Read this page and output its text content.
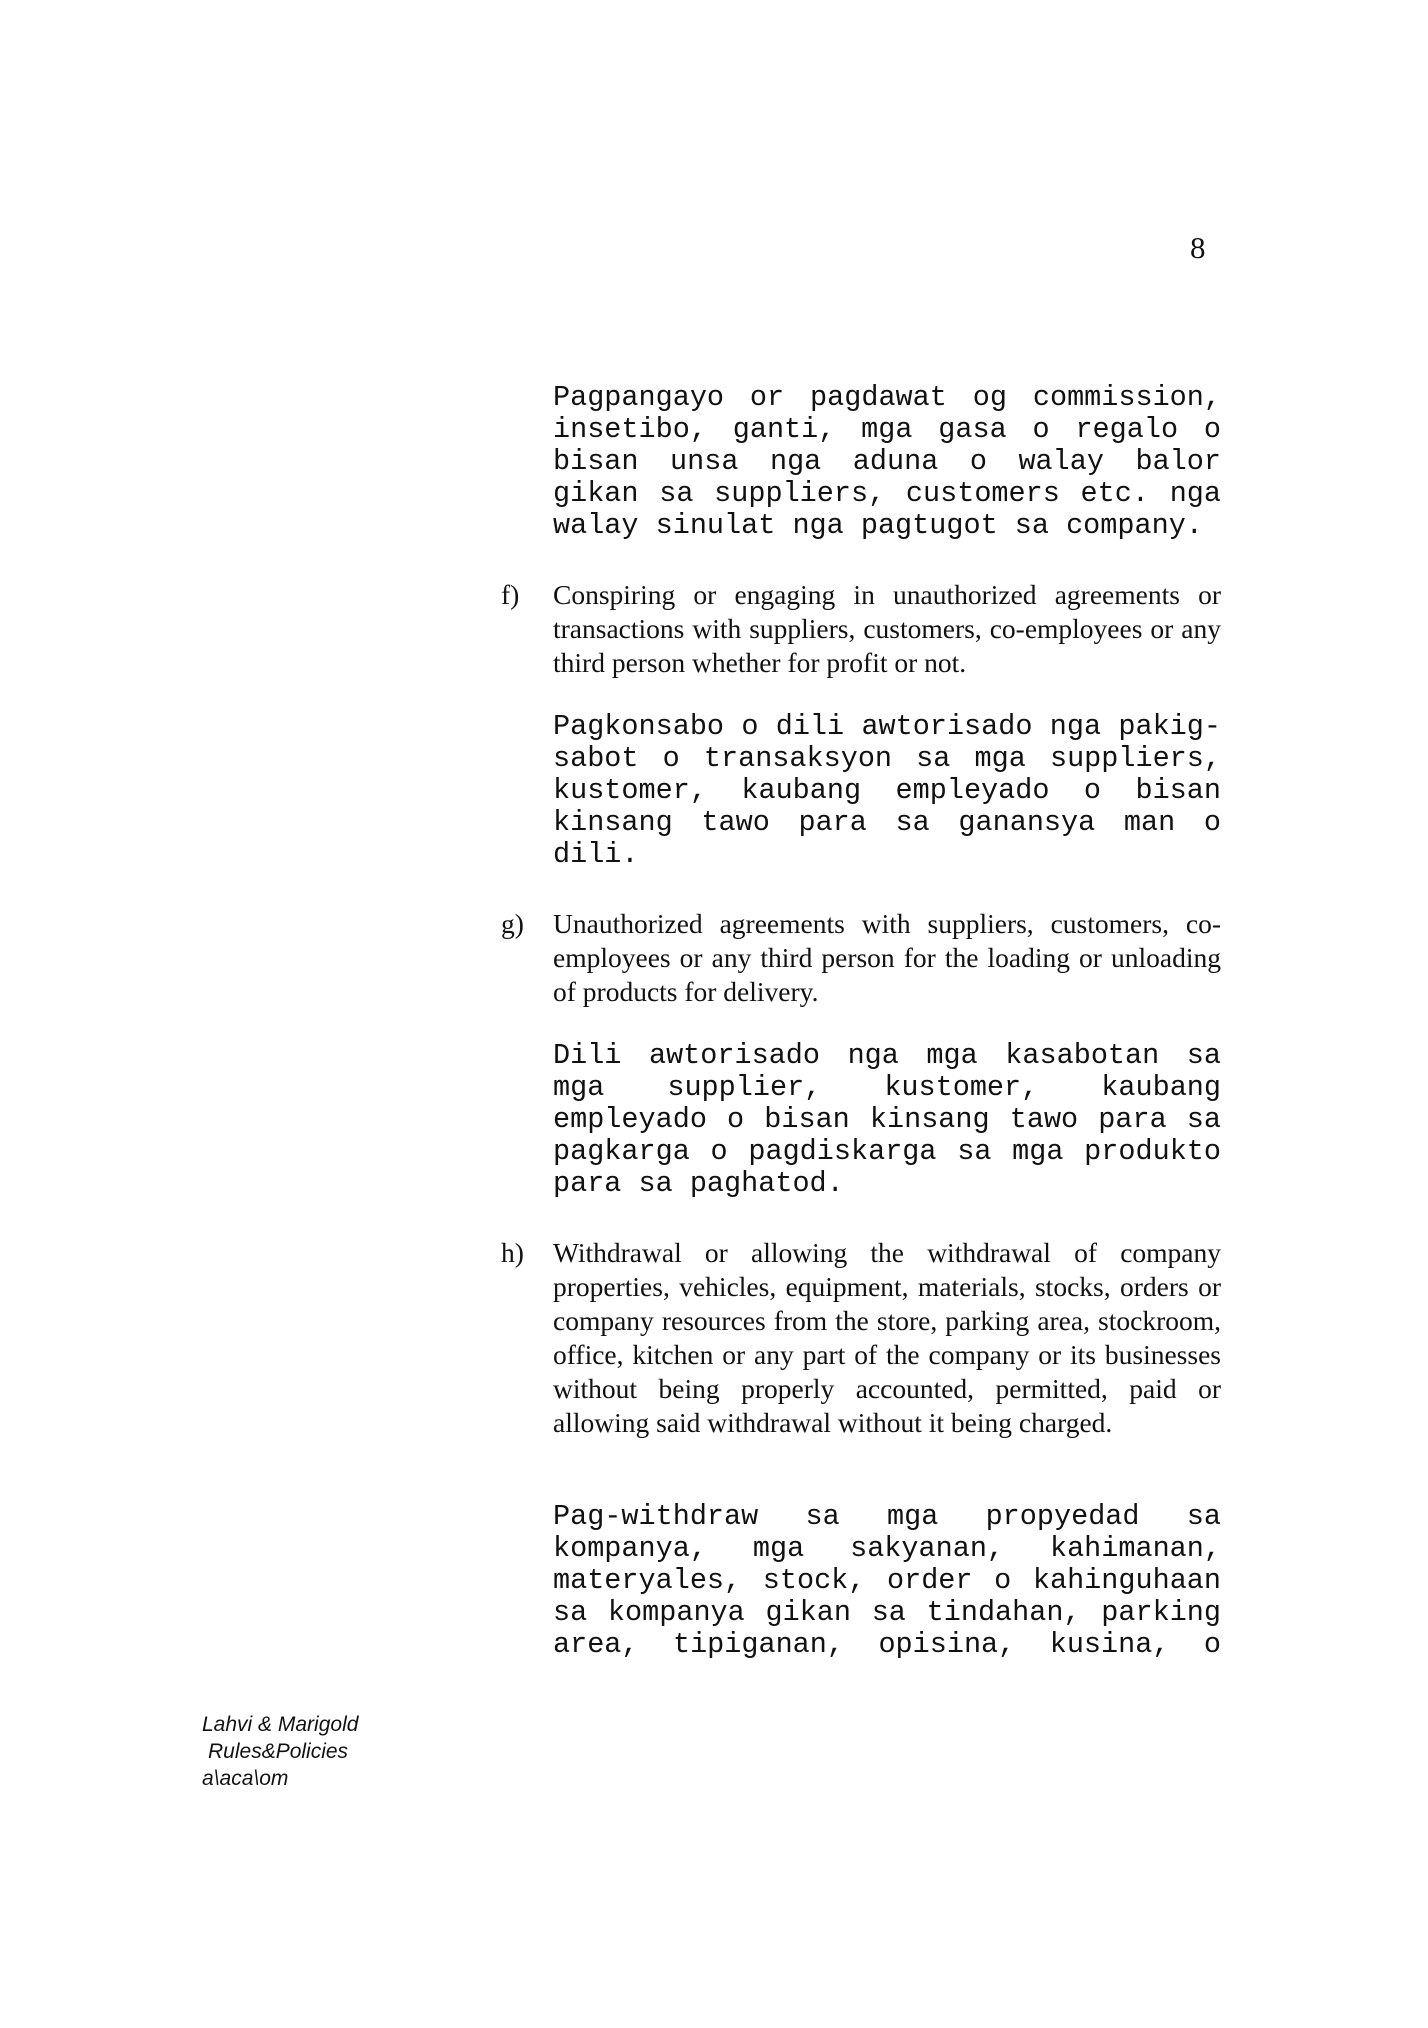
8

Pagpangayo or pagdawat og commission, insetibo, ganti, mga gasa o regalo o bisan unsa nga aduna o walay balor gikan sa suppliers, customers etc. nga walay sinulat nga pagtugot sa company.

f)	Conspiring or engaging in unauthorized agreements or transactions with suppliers, customers, co-employees or any third person whether for profit or not.

Pagkonsabo o dili awtorisado nga pakig-sabot o transaksyon sa mga suppliers, kustomer, kaubang empleyado o bisan kinsang tawo para sa ganansya man o dili.

g)	Unauthorized agreements with suppliers, customers, co-employees or any third person for the loading or unloading of products for delivery.

Dili awtorisado nga mga kasabotan sa mga supplier, kustomer, kaubang empleyado o bisan kinsang tawo para sa pagkarga o pagdiskarga sa mga produkto para sa paghatod.

h)	Withdrawal or allowing the withdrawal of company properties, vehicles, equipment, materials, stocks, orders or company resources from the store, parking area, stockroom, office, kitchen or any part of the company or its businesses without being properly accounted, permitted, paid or allowing said withdrawal without it being charged.

Pag-withdraw sa mga propyedad sa kompanya, mga sakyanan, kahimanan, materyales, stock, order o kahinguhaan sa kompanya gikan sa tindahan, parking area, tipiganan, opisina, kusina, o

Lahvi & Marigold
Rules&Policies
a\aca\om
